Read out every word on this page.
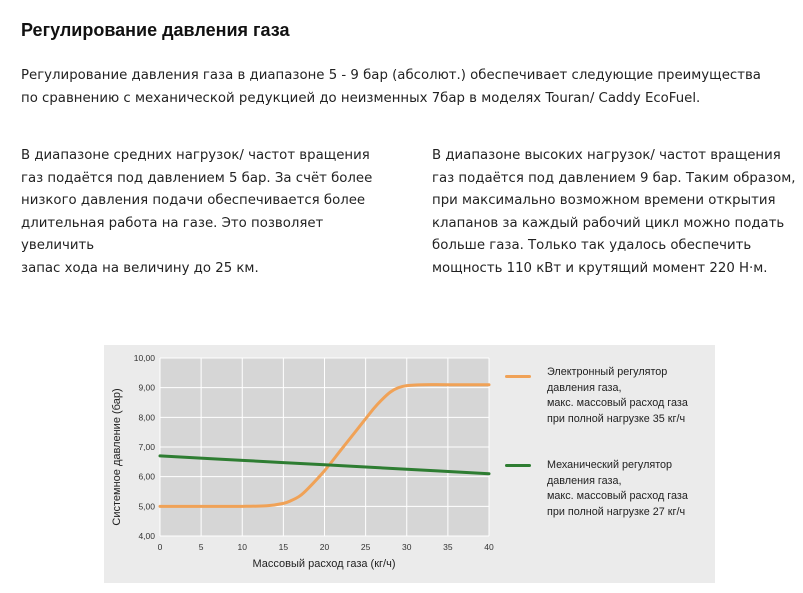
Регулирование давления газа
Регулирование давления газа в диапазоне 5 - 9 бар (абсолют.) обеспечивает следующие преимущества
по сравнению с механической редукцией до неизменных 7бар в моделях Touran/ Caddy EcoFuel.
В диапазоне средних нагрузок/ частот вращения
газ подаётся под давлением 5 бар. За счёт более
низкого давления подачи обеспечивается более
длительная работа на газе. Это позволяет увеличить
запас хода на величину до 25 км.
В диапазоне высоких нагрузок/ частот вращения
газ подаётся под давлением 9 бар. Таким образом,
при максимально возможном времени открытия
клапанов за каждый рабочий цикл можно подать
больше газа. Только так удалось обеспечить
мощность 110 кВт и крутящий момент 220 Н·м.
4,00
5,00
6,00
7,00
8,00
9,00
10,00
0	5	10	15	20	25	30	35	40
Системное давление (бар)
Массовый расход газа (кг/ч)
Электронный регулятор
давления газа,
макс. массовый расход газа
при полной нагрузке 35 кг/ч
Механический регулятор
давления газа,
макс. массовый расход газа
при полной нагрузке 27 кг/ч
